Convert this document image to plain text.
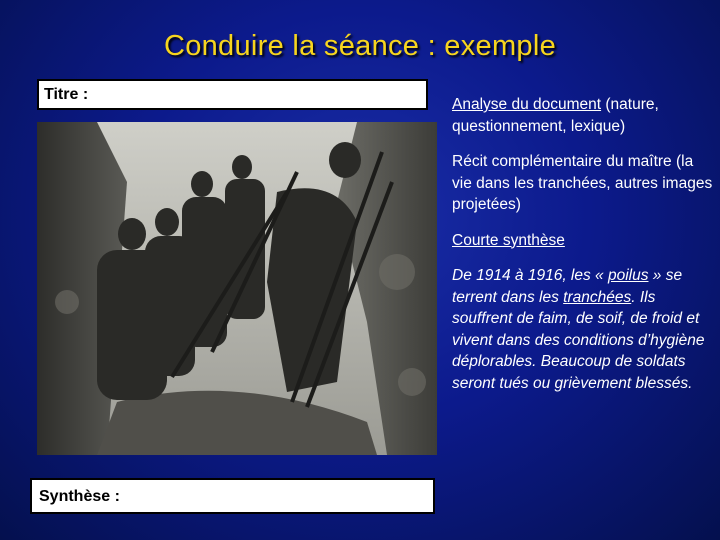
Conduire la séance : exemple
Titre :
Synthèse :

Analyse du document (nature, questionnement, lexique)

Récit complémentaire du maître (la vie dans les tranchées, autres images projetées)

Courte synthèse

De 1914 à 1916, les « poilus » se terrent dans les tranchées. Ils souffrent de faim, de soif, de froid et vivent dans des conditions d’hygiène déplorables. Beaucoup de soldats seront tués ou grièvement blessés.
